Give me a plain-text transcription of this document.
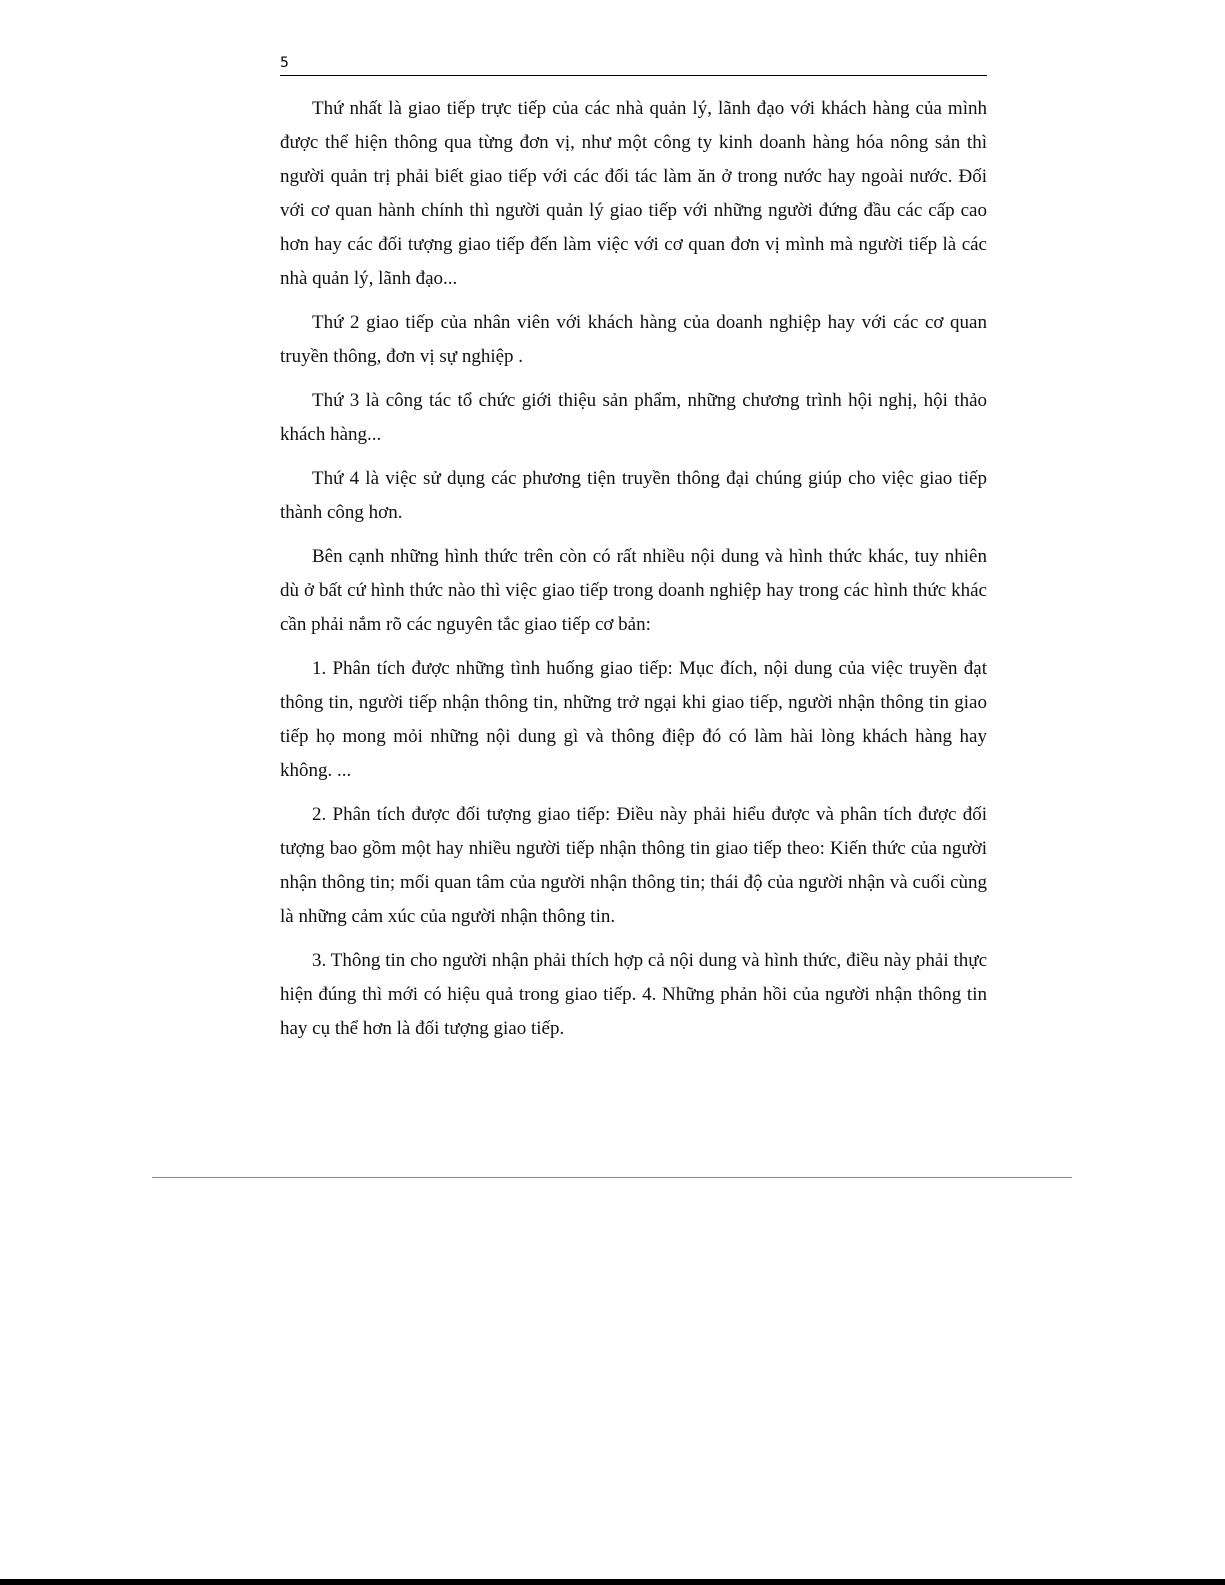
5

Thứ nhất là giao tiếp trực tiếp của các nhà quản lý, lãnh đạo với khách hàng của mình được thể hiện thông qua từng đơn vị, như một công ty kinh doanh hàng hóa nông sản thì người quản trị phải biết giao tiếp với các đối tác làm ăn ở trong nước hay ngoài nước. Đối với cơ quan hành chính thì người quản lý giao tiếp với những người đứng đầu các cấp cao hơn hay các đối tượng giao tiếp đến làm việc với cơ quan đơn vị mình mà người tiếp là các nhà quản lý, lãnh đạo...

Thứ 2 giao tiếp của nhân viên với khách hàng của doanh nghiệp hay với các cơ quan truyền thông, đơn vị sự nghiệp .

Thứ 3 là công tác tổ chức giới thiệu sản phẩm, những chương trình hội nghị, hội thảo khách hàng...

Thứ 4 là việc sử dụng các phương tiện truyền thông đại chúng giúp cho việc giao tiếp thành công hơn.

Bên cạnh những hình thức trên còn có rất nhiều nội dung và hình thức khác, tuy nhiên dù ở bất cứ hình thức nào thì việc giao tiếp trong doanh nghiệp hay trong các hình thức khác cần phải nắm rõ các nguyên tắc giao tiếp cơ bản:

1. Phân tích được những tình huống giao tiếp: Mục đích, nội dung của việc truyền đạt thông tin, người tiếp nhận thông tin, những trở ngại khi giao tiếp, người nhận thông tin giao tiếp họ mong mỏi những nội dung gì và thông điệp đó có làm hài lòng khách hàng hay không. ...

2. Phân tích được đối tượng giao tiếp: Điều này phải hiểu được và phân tích được đối tượng bao gồm một hay nhiều người tiếp nhận thông tin giao tiếp theo: Kiến thức của người nhận thông tin; mối quan tâm của người nhận thông tin; thái độ của người nhận và cuối cùng là những cảm xúc của người nhận thông tin.

3. Thông tin cho người nhận phải thích hợp cả nội dung và hình thức, điều này phải thực hiện đúng thì mới có hiệu quả trong giao tiếp. 4. Những phản hồi của người nhận thông tin hay cụ thể hơn là đối tượng giao tiếp.
